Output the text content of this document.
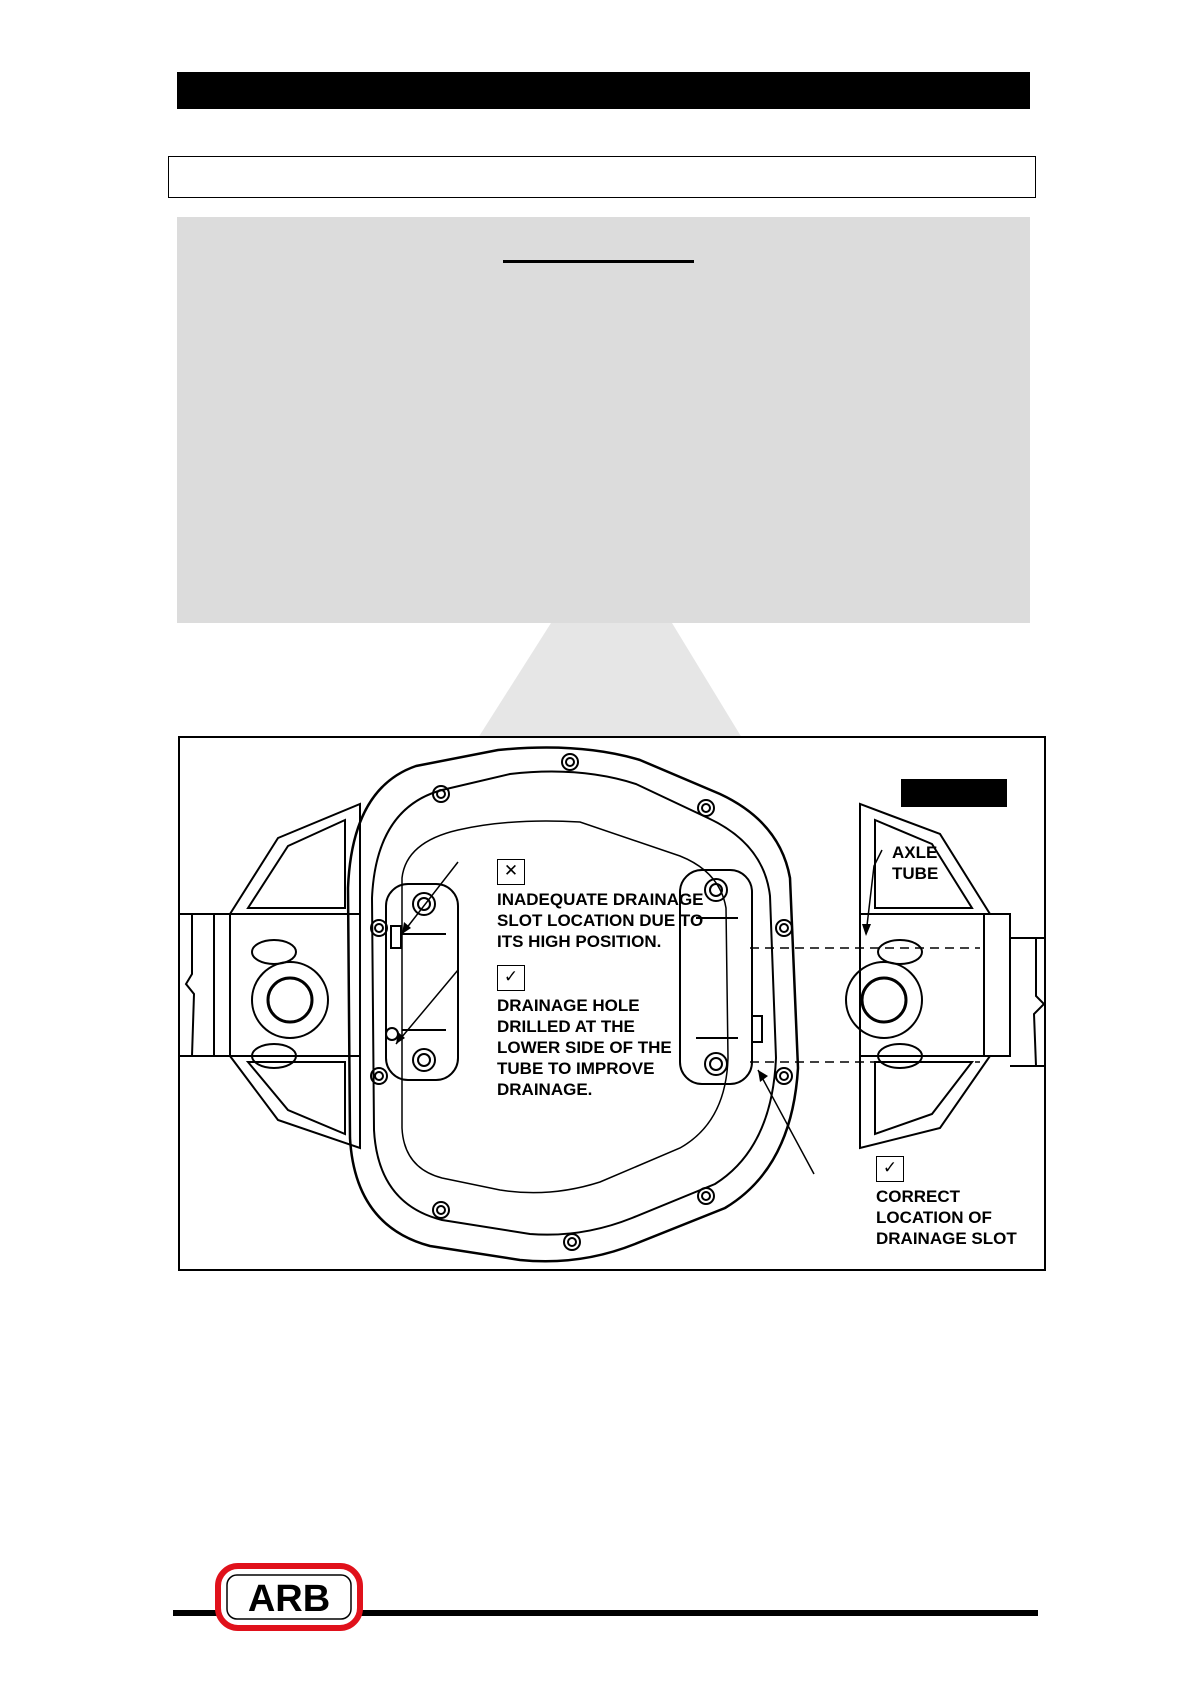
AXLE
TUBE
✕
INADEQUATE DRAINAGE
SLOT LOCATION DUE TO
ITS HIGH POSITION.
✓
DRAINAGE HOLE
DRILLED AT THE
LOWER SIDE OF THE
TUBE TO IMPROVE
DRAINAGE.
✓
CORRECT
LOCATION OF
DRAINAGE SLOT
ARB
